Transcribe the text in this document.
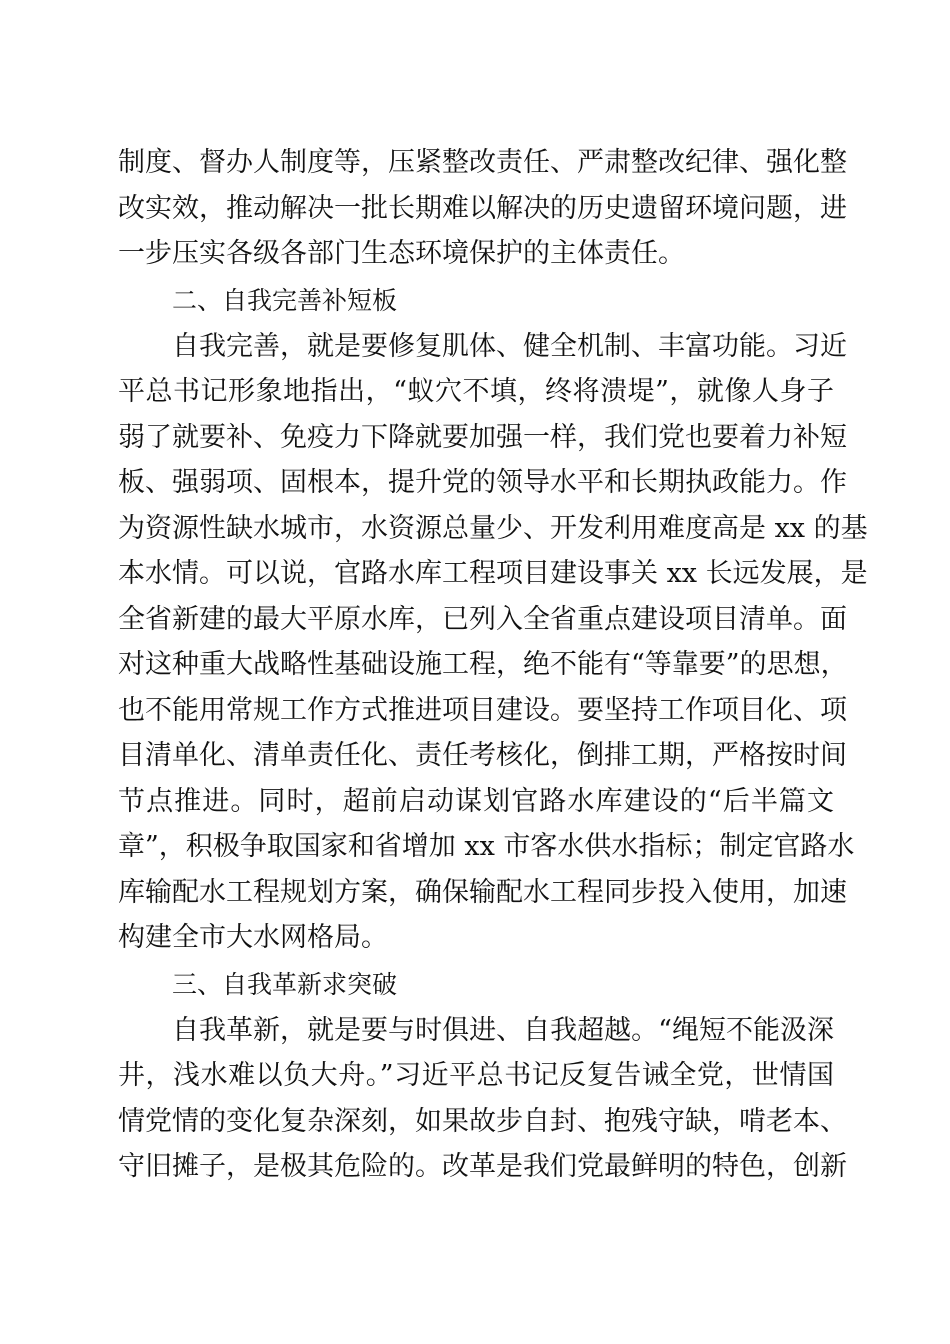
制度、督办人制度等，压紧整改责任、严肃整改纪律、强化整
改实效，推动解决一批长期难以解决的历史遗留环境问题，进
一步压实各级各部门生态环境保护的主体责任。
二、自我完善补短板
自我完善，就是要修复肌体、健全机制、丰富功能。习近
平总书记形象地指出，“蚁穴不填，终将溃堤”，就像人身子
弱了就要补、免疫力下降就要加强一样，我们党也要着力补短
板、强弱项、固根本，提升党的领导水平和长期执政能力。作
为资源性缺水城市，水资源总量少、开发利用难度高是 xx 的基
本水情。可以说，官路水库工程项目建设事关 xx 长远发展，是
全省新建的最大平原水库，已列入全省重点建设项目清单。面
对这种重大战略性基础设施工程，绝不能有“等靠要”的思想，
也不能用常规工作方式推进项目建设。要坚持工作项目化、项
目清单化、清单责任化、责任考核化，倒排工期，严格按时间
节点推进。同时，超前启动谋划官路水库建设的“后半篇文
章”，积极争取国家和省增加 xx 市客水供水指标；制定官路水
库输配水工程规划方案，确保输配水工程同步投入使用，加速
构建全市大水网格局。
三、自我革新求突破
自我革新，就是要与时俱进、自我超越。“绳短不能汲深
井，浅水难以负大舟。”习近平总书记反复告诫全党，世情国
情党情的变化复杂深刻，如果故步自封、抱残守缺，啃老本、
守旧摊子，是极其危险的。改革是我们党最鲜明的特色，创新
